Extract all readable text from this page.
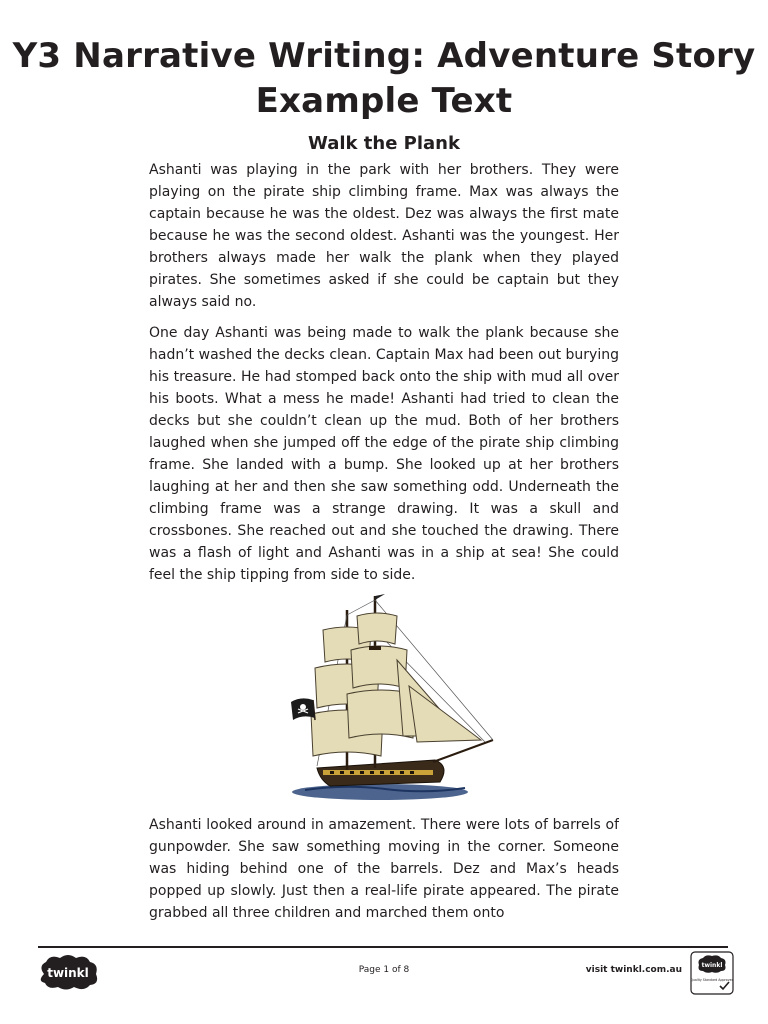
Y3 Narrative Writing: Adventure Story
Example Text
Walk the Plank

Ashanti was playing in the park with her brothers. They were playing on the pirate ship climbing frame. Max was always the captain because he was the oldest. Dez was always the first mate because he was the second oldest. Ashanti was the youngest. Her brothers always made her walk the plank when they played pirates. She sometimes asked if she could be captain but they always said no.

One day Ashanti was being made to walk the plank because she hadn’t washed the decks clean. Captain Max had been out burying his treasure. He had stomped back onto the ship with mud all over his boots. What a mess he made! Ashanti had tried to clean the decks but she couldn’t clean up the mud. Both of her brothers laughed when she jumped off the edge of the pirate ship climbing frame. She landed with a bump. She looked up at her brothers laughing at her and then she saw something odd. Underneath the climbing frame was a strange drawing. It was a skull and crossbones. She reached out and she touched the drawing. There was a flash of light and Ashanti was in a ship at sea! She could feel the ship tipping from side to side.

Ashanti looked around in amazement. There were lots of barrels of gunpowder. She saw something moving in the corner. Someone was hiding behind one of the barrels. Dez and Max’s heads popped up slowly. Just then a real-life pirate appeared. The pirate grabbed all three children and marched them onto

twinkl	Page 1 of 8	visit twinkl.com.au	twinkl
Quality Standard Approved
